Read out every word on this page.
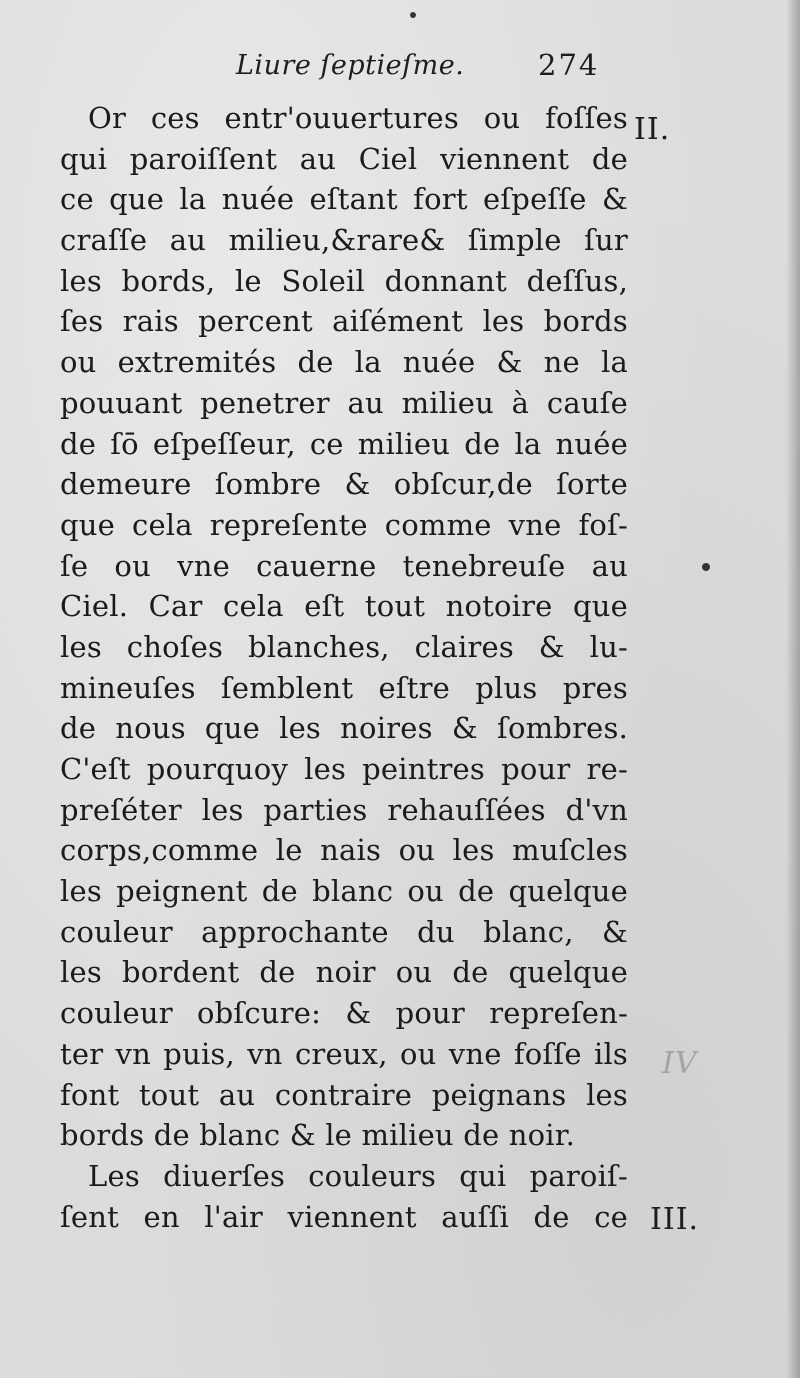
Liure ſeptieſme.	274
II.
IV
III.
Or ces entr'ouuertures ou foſſes
qui paroiſſent au Ciel viennent de
ce que la nuée eſtant fort eſpeſſe &
craſſe au milieu,&rare& ſimple ſur
les bords, le Soleil donnant deſſus,
ſes rais percent aiſément les bords
ou extremités de la nuée & ne la
pouuant penetrer au milieu à cauſe
de ſō eſpeſſeur, ce milieu de la nuée
demeure ſombre & obſcur,de ſorte
que cela repreſente comme vne foſ-
ſe ou vne cauerne tenebreuſe au
Ciel. Car cela eſt tout notoire que
les choſes blanches, claires & lu-
mineuſes ſemblent eſtre plus pres
de nous que les noires & ſombres.
C'eſt pourquoy les peintres pour re-
preſéter les parties rehauſſées d'vn
corps,comme le nais ou les muſcles
les peignent de blanc ou de quelque
couleur approchante du blanc, &
les bordent de noir ou de quelque
couleur obſcure: & pour repreſen-
ter vn puis, vn creux, ou vne foſſe ils
font tout au contraire peignans les
bords de blanc & le milieu de noir.
Les diuerſes couleurs qui paroiſ-
ſent en l'air viennent auſſi de ce
